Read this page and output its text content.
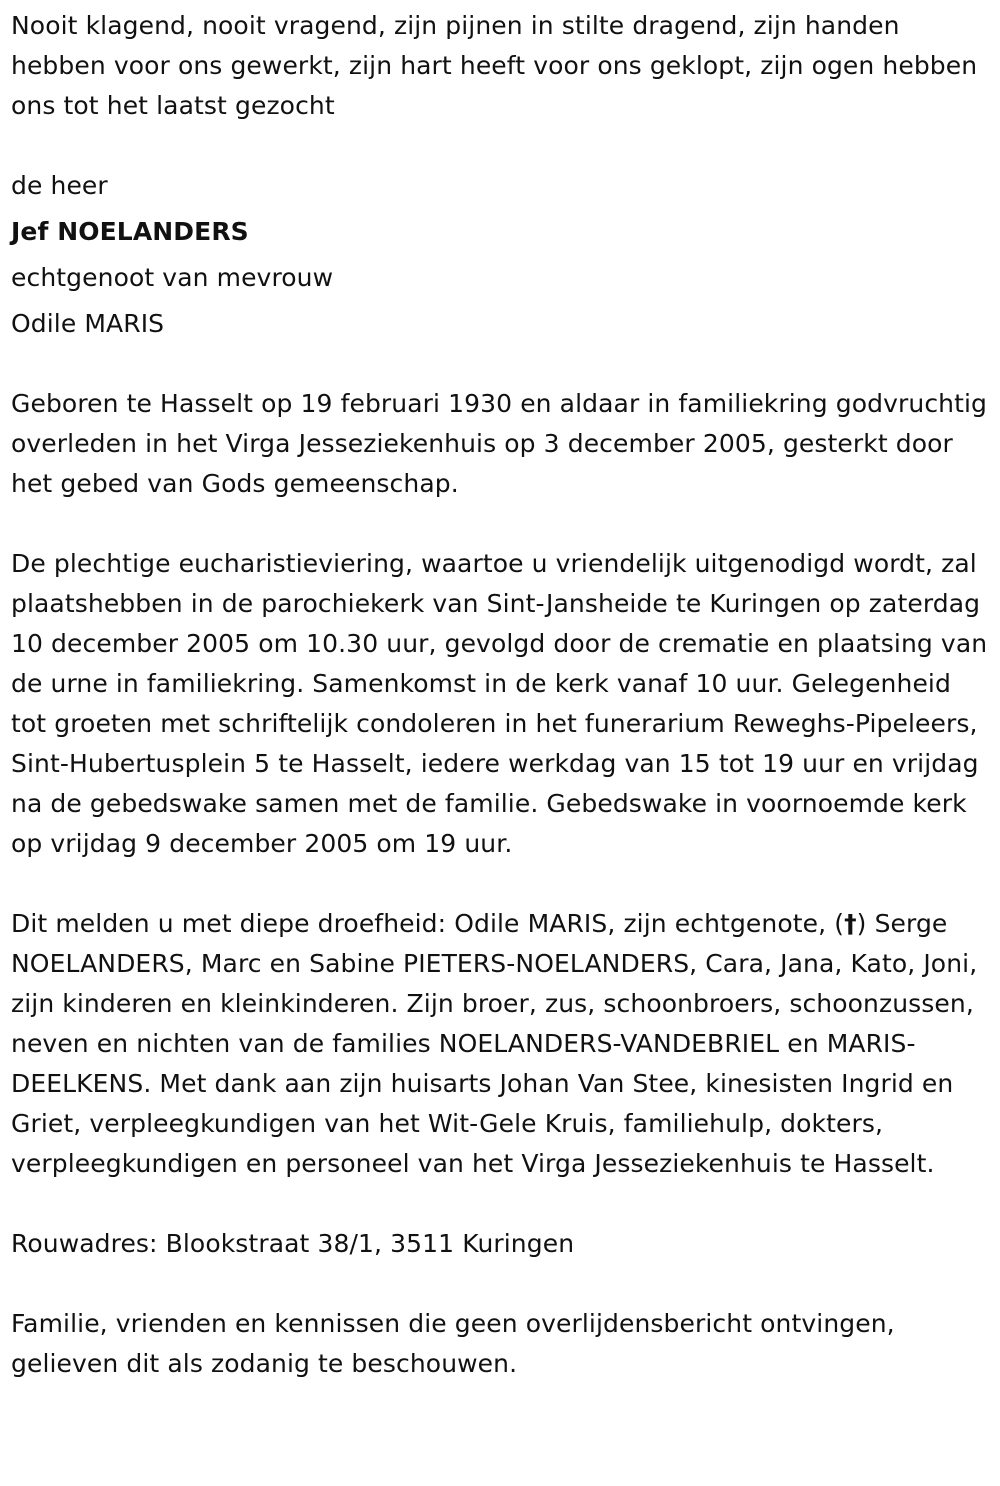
Nooit klagend, nooit vragend, zijn pijnen in stilte dragend, zijn handen hebben voor ons gewerkt, zijn hart heeft voor ons geklopt, zijn ogen hebben ons tot het laatst gezocht

de heer

Jef NOELANDERS

echtgenoot van mevrouw

Odile MARIS

Geboren te Hasselt op 19 februari 1930 en aldaar in familiekring godvruchtig overleden in het Virga Jesseziekenhuis op 3 december 2005, gesterkt door het gebed van Gods gemeenschap.

De plechtige eucharistieviering, waartoe u vriendelijk uitgenodigd wordt, zal plaatshebben in de parochiekerk van Sint-Jansheide te Kuringen op zaterdag 10 december 2005 om 10.30 uur, gevolgd door de crematie en plaatsing van de urne in familiekring. Samenkomst in de kerk vanaf 10 uur. Gelegenheid tot groeten met schriftelijk condoleren in het funerarium Reweghs-Pipeleers, Sint-Hubertusplein 5 te Hasselt, iedere werkdag van 15 tot 19 uur en vrijdag na de gebedswake samen met de familie. Gebedswake in voornoemde kerk op vrijdag 9 december 2005 om 19 uur.

Dit melden u met diepe droefheid: Odile MARIS, zijn echtgenote, (†) Serge NOELANDERS, Marc en Sabine PIETERS-NOELANDERS, Cara, Jana, Kato, Joni, zijn kinderen en kleinkinderen. Zijn broer, zus, schoonbroers, schoonzussen, neven en nichten van de families NOELANDERS-VANDEBRIEL en MARIS-DEELKENS. Met dank aan zijn huisarts Johan Van Stee, kinesisten Ingrid en Griet, verpleegkundigen van het Wit-Gele Kruis, familiehulp, dokters, verpleegkundigen en personeel van het Virga Jesseziekenhuis te Hasselt.

Rouwadres: Blookstraat 38/1, 3511 Kuringen

Familie, vrienden en kennissen die geen overlijdensbericht ontvingen, gelieven dit als zodanig te beschouwen.
